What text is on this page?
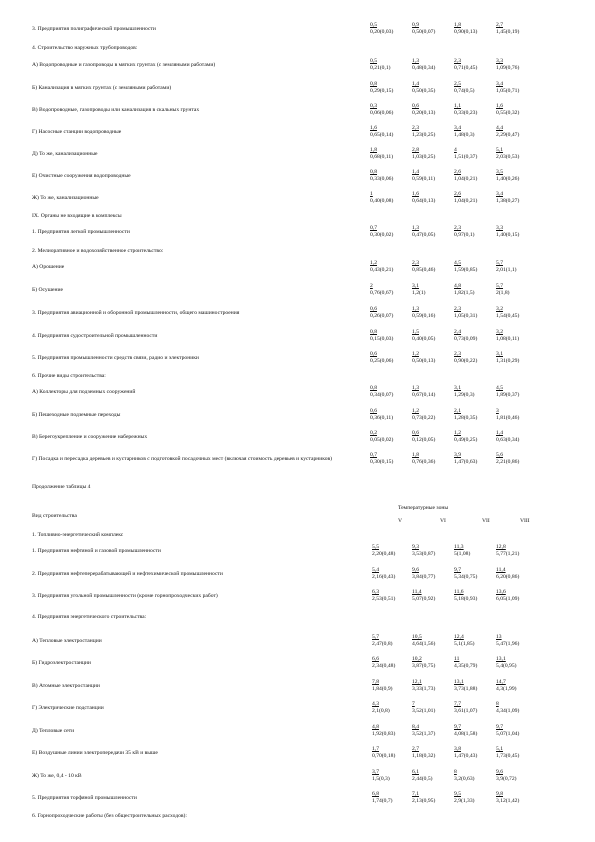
3. Предприятия полиграфической промышленности	$\frac{0,5}{0,20(0,03)} \frac{0,9}{0,50(0,07)} \frac{1,8}{0,90(0,13)} \frac{2,7}{1,45(0,19)}$
4. Строительство наружных трубопроводов:
А) Водопроводные и газопроводы в мягких грунтах (с земляными работами)	$\frac{0,5}{0,21(0,1)} \frac{1,3}{0,48(0,34)} \frac{2,3}{0,71(0,45)} \frac{3,3}{1,09(0,76)}$
Б) Канализация в мягких грунтах (с земляными работами)	$\frac{0,8}{0,29(0,15)} \frac{1,4}{0,50(0,35)} \frac{2,5}{0,74(0,5)} \frac{3,4}{1,05(0,71)}$
В) Водопроводные, газопроводы или канализация в скальных грунтах	$\frac{0,3}{0,06(0,06)} \frac{0,6}{0,20(0,13)} \frac{1,1}{0,33(0,23)} \frac{1,6}{0,55(0,32)}$
Г) Насосные станции водопроводные	$\frac{1,6}{0,65(0,14)} \frac{2,3}{1,23(0,25)} \frac{3,4}{1,48(0,3)} \frac{4,4}{2,29(0,47)}$
Д) То же, канализационные	$\frac{1,8}{0,68(0,11)} \frac{2,8}{1,03(0,25)} \frac{4}{1,51(0,37)} \frac{5,1}{2,03(0,53)}$
Е) Очистные сооружения водопроводные	$\frac{0,8}{0,33(0,06)} \frac{1,4}{0,59(0,11)} \frac{2,6}{1,04(0,21)} \frac{3,5}{1,40(0,26)}$
Ж) То же, канализационные	$\frac{1}{0,40(0,08)} \frac{1,6}{0,64(0,13)} \frac{2,6}{1,04(0,21)} \frac{3,4}{1,38(0,27)}$
IX. Органы не входящие в комплексы
1. Предприятия легкой промышленности	$\frac{0,7}{0,30(0,02)} \frac{1,3}{0,47(0,05)} \frac{2,3}{0,97(0,1)} \frac{3,3}{1,40(0,15)}$
2. Мелиоративное и водохозяйственное строительство:
А) Орошение	$\frac{1,2}{0,43(0,21)} \frac{2,3}{0,85(0,46)} \frac{4,5}{1,59(0,85)} \frac{5,7}{2,01(1,1)}$
Б) Осушение	$\frac{2}{0,76(0,67)} \frac{3,1}{1,2(1)} \frac{4,8}{1,82(1,5)} \frac{5,7}{2(1,8)}$
3. Предприятия авиационной и оборонной промышленности, общего машиностроения	$\frac{0,6}{0,26(0,07)} \frac{1,3}{0,59(0,16)} \frac{2,3}{1,05(0,31)} \frac{3,2}{1,54(0,45)}$
4. Предприятия судостроительной промышленности	$\frac{0,8}{0,15(0,03)} \frac{1,5}{0,40(0,05)} \frac{2,4}{0,73(0,09)} \frac{3,2}{1,08(0,11)}$
5. Предприятия промышленности средств связи, радио и электроники	$\frac{0,6}{0,25(0,06)} \frac{1,2}{0,50(0,13)} \frac{2,3}{0,90(0,22)} \frac{3,1}{1,31(0,29)}$
6. Прочие виды строительства:
А) Коллекторы для подземных сооружений	$\frac{0,8}{0,34(0,07)} \frac{1,3}{0,67(0,14)} \frac{3,1}{1,29(0,3)} \frac{4,5}{1,89(0,37)}$
Б) Пешеходные подземные переходы	$\frac{0,6}{0,36(0,11)} \frac{1,2}{0,73(0,22)} \frac{2,1}{1,28(0,35)} \frac{3}{1,81(0,46)}$
В) Берегоукрепление и сооружение набережных	$\frac{0,2}{0,05(0,02)} \frac{0,6}{0,12(0,05)} \frac{1,2}{0,49(0,25)} \frac{1,4}{0,63(0,34)}$
Г) Посадка и пересадка деревьев и кустарников с подготовкой посадочных мест (включая стоимость деревьев и кустарников)	$\frac{0,7}{0,30(0,15)} \frac{1,8}{0,76(0,36)} \frac{3,9}{1,47(0,63)} \frac{5,6}{2,21(0,86)}$
Продолжение таблицы 4
Вид строительства
Температурные зоны
V	VI	VII	VIII
1. Топливно-энергетический комплекс
1. Предприятия нефтяной и газовой промышленности	$\frac{5,5}{2,20(0,48)} \frac{9,3}{3,53(0,87)} \frac{11,3}{5(1,08)} \frac{12,8}{5,77(1,21)}$
2. Предприятия нефтеперерабатывающей и нефтехимической промышленности	$\frac{5,4}{2,16(0,43)} \frac{9,6}{3,84(0,77)} \frac{9,7}{5,34(0,75)} \frac{11,4}{6,20(0,86)}$
3. Предприятия угольной промышленности (кроме горнопроходческих работ)	$\frac{6,3}{2,53(0,51)} \frac{11,4}{5,07(0,92)} \frac{11,6}{5,18(0,93)} \frac{13,6}{6,05(1,09)}$
4. Предприятия энергетического строительства:
А) Тепловые электростанции	$\frac{5,7}{2,47(0,8)} \frac{10,5}{4,64(1,56)} \frac{12,4}{5,1(1,85)} \frac{13}{5,47(1,96)}$
Б) Гидроэлектростанции	$\frac{6,6}{2,34(0,48)} \frac{10,2}{3,87(0,75)} \frac{11}{4,35(0,79)} \frac{13,1}{5,4(0,95)}$
В) Атомные электростанции	$\frac{7,8}{1,84(0,9)} \frac{12,1}{3,33(1,73)} \frac{13,1}{3,73(1,88)} \frac{14,7}{4,3(1,99)}$
Г) Электрические подстанции	$\frac{4,3}{2,1(0,8)} \frac{7}{3,52(1,01)} \frac{7,7}{3,61(1,07)} \frac{8}{4,34(1,09)}$
Д) Тепловые сети	$\frac{4,8}{1,92(0,83)} \frac{8,4}{3,52(1,37)} \frac{9,7}{4,08(1,58)} \frac{9,7}{5,07(1,04)}$
Е) Воздушные линии электропередачи 35 кВ и выше	$\frac{1,7}{0,70(0,18)} \frac{2,7}{1,18(0,32)} \frac{3,8}{1,47(0,43)} \frac{5,1}{1,73(0,45)}$
Ж) То же, 0,4 - 10 кВ	$\frac{3,7}{1,5(0,3)} \frac{6,1}{2,44(0,5)} \frac{8}{3,2(0,63)} \frac{9,6}{3,9(0,72)}$
5. Предприятия торфяной промышленности	$\frac{6,8}{1,74(0,7)} \frac{7,1}{2,13(0,95)} \frac{9,5}{2,9(1,33)} \frac{9,8}{3,12(1,42)}$
6. Горнопроходческие работы (без общестроительных расходов):
